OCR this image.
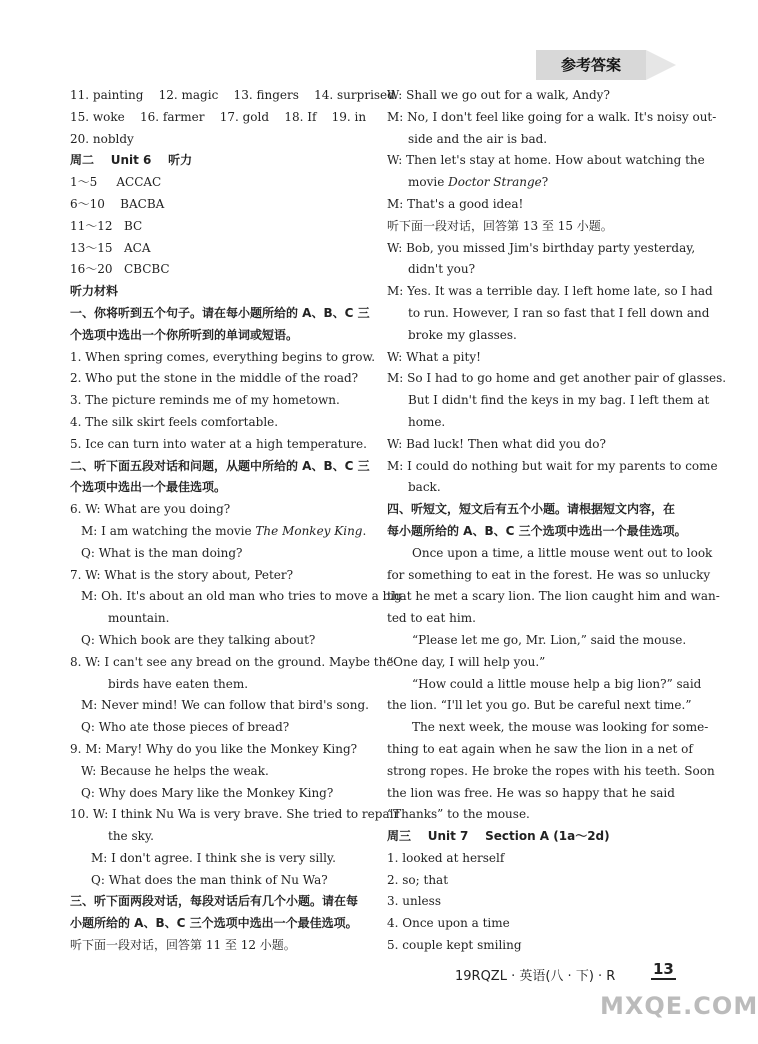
参考答案
11. painting    12. magic    13. fingers    14. surprised
15. woke    16. farmer    17. gold    18. If    19. in
20. nobldy
周二    Unit 6    听力
1～5     ACCAC
6～10    BACBA
11～12   BC
13～15   ACA
16～20   CBCBC
听力材料
一、你将听到五个句子。请在每小题所给的 A、B、C 三
个选项中选出一个你所听到的单词或短语。
1. When spring comes, everything begins to grow.
2. Who put the stone in the middle of the road?
3. The picture reminds me of my hometown.
4. The silk skirt feels comfortable.
5. Ice can turn into water at a high temperature.
二、听下面五段对话和问题，从题中所给的 A、B、C 三
个选项中选出一个最佳选项。
6. W: What are you doing?
M: I am watching the movie The Monkey King.
Q: What is the man doing?
7. W: What is the story about, Peter?
M: Oh. It's about an old man who tries to move a big
mountain.
Q: Which book are they talking about?
8. W: I can't see any bread on the ground. Maybe the
birds have eaten them.
M: Never mind! We can follow that bird's song.
Q: Who ate those pieces of bread?
9. M: Mary! Why do you like the Monkey King?
W: Because he helps the weak.
Q: Why does Mary like the Monkey King?
10. W: I think Nu Wa is very brave. She tried to repair
the sky.
M: I don't agree. I think she is very silly.
Q: What does the man think of Nu Wa?
三、听下面两段对话，每段对话后有几个小题。请在每
小题所给的 A、B、C 三个选项中选出一个最佳选项。
听下面一段对话，回答第 11 至 12 小题。
W: Shall we go out for a walk, Andy?
M: No, I don't feel like going for a walk. It's noisy out-
side and the air is bad.
W: Then let's stay at home. How about watching the
movie Doctor Strange?
M: That's a good idea!
听下面一段对话，回答第 13 至 15 小题。
W: Bob, you missed Jim's birthday party yesterday,
didn't you?
M: Yes. It was a terrible day. I left home late, so I had
to run. However, I ran so fast that I fell down and
broke my glasses.
W: What a pity!
M: So I had to go home and get another pair of glasses.
But I didn't find the keys in my bag. I left them at
home.
W: Bad luck! Then what did you do?
M: I could do nothing but wait for my parents to come
back.
四、听短文，短文后有五个小题。请根据短文内容，在
每小题所给的 A、B、C 三个选项中选出一个最佳选项。
Once upon a time, a little mouse went out to look
for something to eat in the forest. He was so unlucky
that he met a scary lion. The lion caught him and wan-
ted to eat him.
“Please let me go, Mr. Lion,” said the mouse.
“One day, I will help you.”
“How could a little mouse help a big lion?” said
the lion. “I'll let you go. But be careful next time.”
The next week, the mouse was looking for some-
thing to eat again when he saw the lion in a net of
strong ropes. He broke the ropes with his teeth. Soon
the lion was free. He was so happy that he said
“Thanks” to the mouse.
周三    Unit 7    Section A (1a～2d)
1. looked at herself
2. so; that
3. unless
4. Once upon a time
5. couple kept smiling
19RQZL · 英语(八 · 下) · R	13
MXQE.COM
